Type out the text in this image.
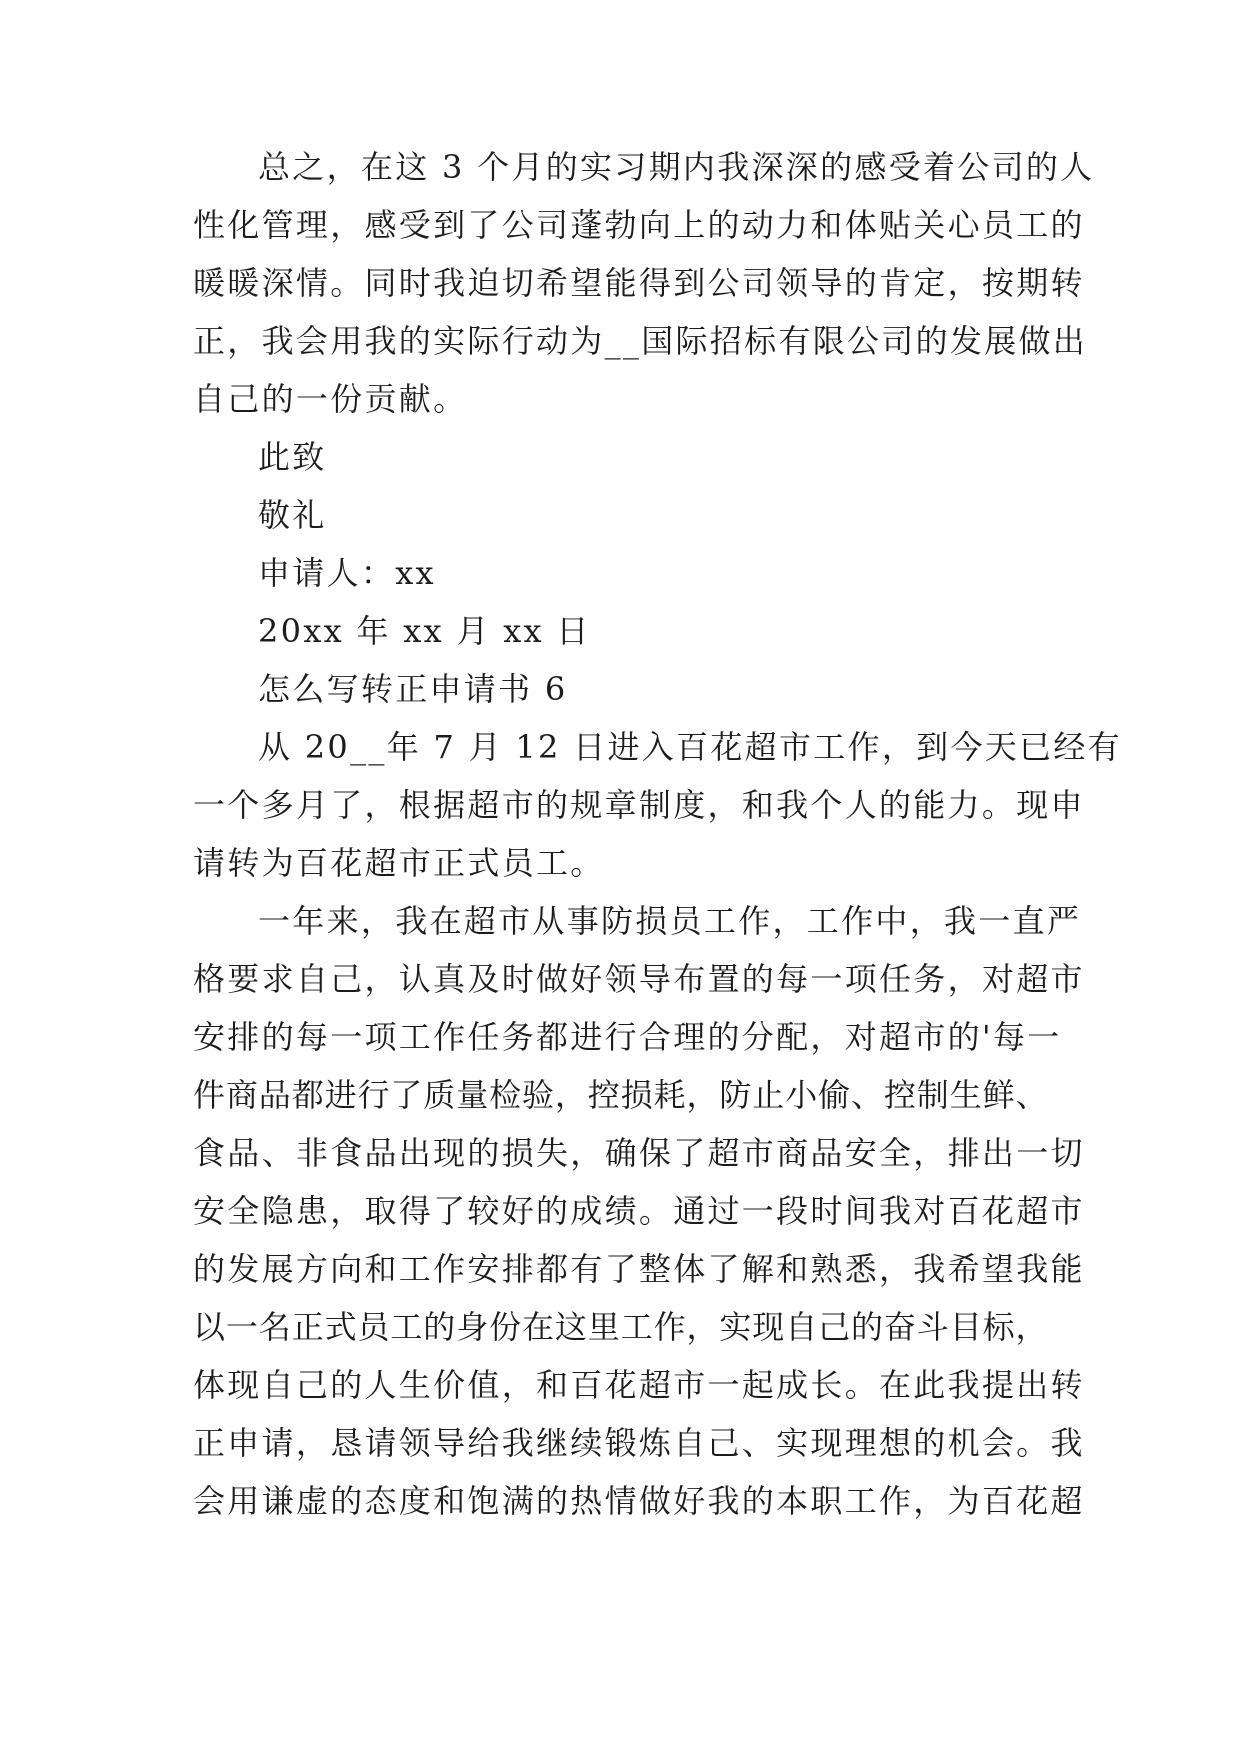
总之，在这 3 个月的实习期内我深深的感受着公司的人
性化管理，感受到了公司蓬勃向上的动力和体贴关心员工的
暖暖深情。同时我迫切希望能得到公司领导的肯定，按期转
正，我会用我的实际行动为__国际招标有限公司的发展做出
自己的一份贡献。
此致
敬礼
申请人：xx
20xx 年 xx 月 xx 日
怎么写转正申请书 6
从 20__年 7 月 12 日进入百花超市工作，到今天已经有
一个多月了，根据超市的规章制度，和我个人的能力。现申
请转为百花超市正式员工。
一年来，我在超市从事防损员工作，工作中，我一直严
格要求自己，认真及时做好领导布置的每一项任务，对超市
安排的每一项工作任务都进行合理的分配，对超市的'每一
件商品都进行了质量检验，控损耗，防止小偷、控制生鲜、
食品、非食品出现的损失，确保了超市商品安全，排出一切
安全隐患，取得了较好的成绩。通过一段时间我对百花超市
的发展方向和工作安排都有了整体了解和熟悉，我希望我能
以一名正式员工的身份在这里工作，实现自己的奋斗目标，
体现自己的人生价值，和百花超市一起成长。在此我提出转
正申请，恳请领导给我继续锻炼自己、实现理想的机会。我
会用谦虚的态度和饱满的热情做好我的本职工作，为百花超
